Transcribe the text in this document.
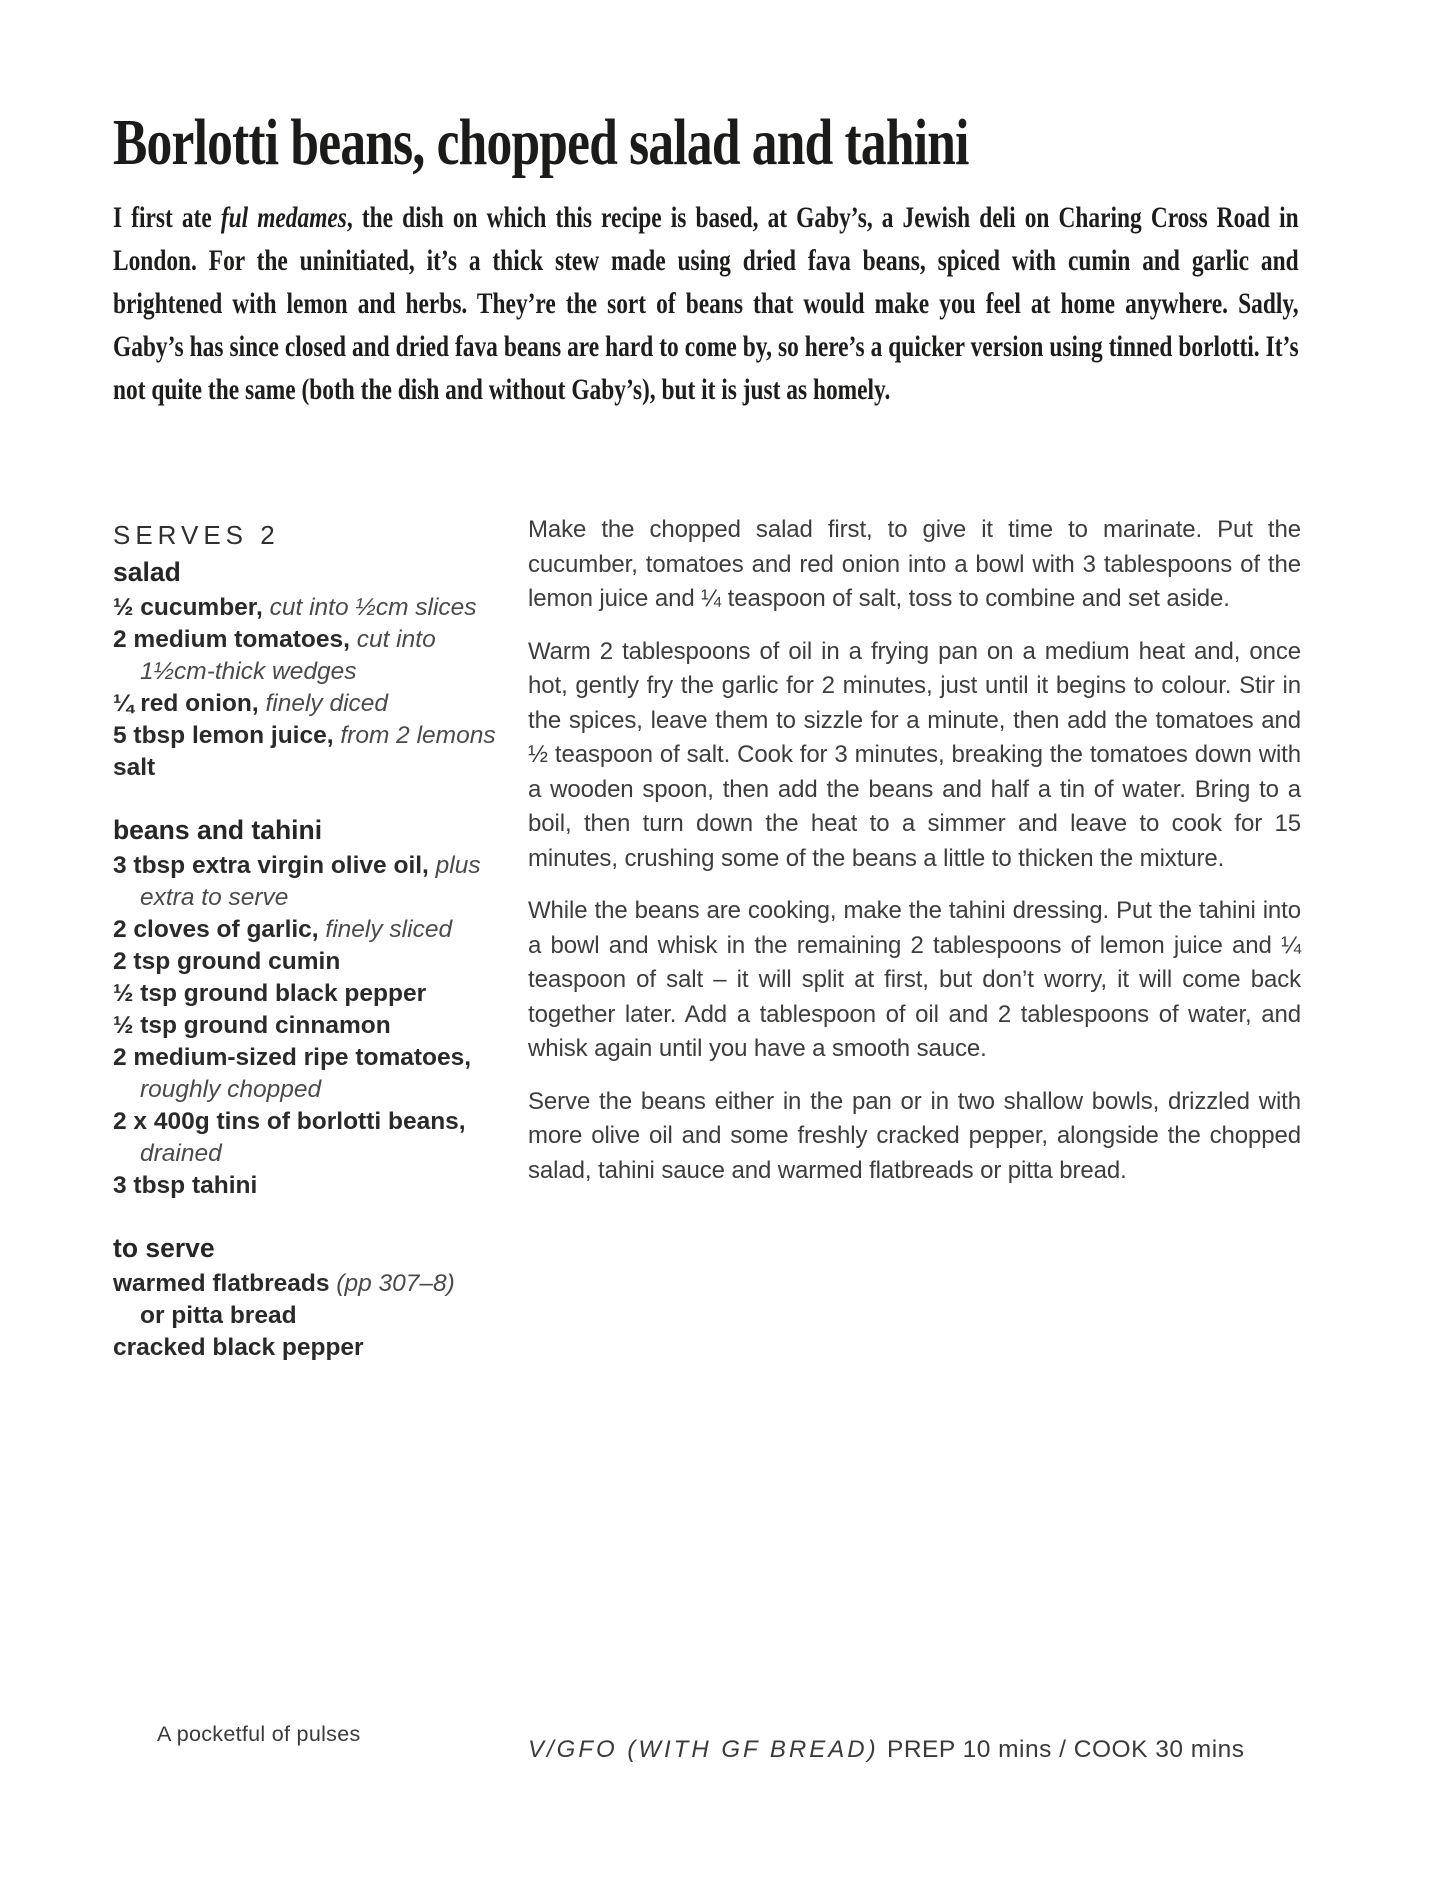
Borlotti beans, chopped salad and tahini

I first ate ful medames, the dish on which this recipe is based, at Gaby’s, a Jewish deli on Charing Cross Road in London. For the uninitiated, it’s a thick stew made using dried fava beans, spiced with cumin and garlic and brightened with lemon and herbs. They’re the sort of beans that would make you feel at home anywhere. Sadly, Gaby’s has since closed and dried fava beans are hard to come by, so here’s a quicker version using tinned borlotti. It’s not quite the same (both the dish and without Gaby’s), but it is just as homely.

SERVES 2
salad
½ cucumber, cut into ½cm slices
2 medium tomatoes, cut into
1½cm-thick wedges
¼ red onion, finely diced
5 tbsp lemon juice, from 2 lemons
salt
beans and tahini
3 tbsp extra virgin olive oil, plus
extra to serve
2 cloves of garlic, finely sliced
2 tsp ground cumin
½ tsp ground black pepper
½ tsp ground cinnamon
2 medium-sized ripe tomatoes,
roughly chopped
2 x 400g tins of borlotti beans,
drained
3 tbsp tahini
to serve
warmed flatbreads (pp 307–8)
or pitta bread
cracked black pepper

Make the chopped salad first, to give it time to marinate. Put the cucumber, tomatoes and red onion into a bowl with 3 tablespoons of the lemon juice and ¼ teaspoon of salt, toss to combine and set aside.

Warm 2 tablespoons of oil in a frying pan on a medium heat and, once hot, gently fry the garlic for 2 minutes, just until it begins to colour. Stir in the spices, leave them to sizzle for a minute, then add the tomatoes and ½ teaspoon of salt. Cook for 3 minutes, breaking the tomatoes down with a wooden spoon, then add the beans and half a tin of water. Bring to a boil, then turn down the heat to a simmer and leave to cook for 15 minutes, crushing some of the beans a little to thicken the mixture.

While the beans are cooking, make the tahini dressing. Put the tahini into a bowl and whisk in the remaining 2 tablespoons of lemon juice and ¼ teaspoon of salt – it will split at first, but don’t worry, it will come back together later. Add a tablespoon of oil and 2 tablespoons of water, and whisk again until you have a smooth sauce.

Serve the beans either in the pan or in two shallow bowls, drizzled with more olive oil and some freshly cracked pepper, alongside the chopped salad, tahini sauce and warmed flatbreads or pitta bread.

A pocketful of pulses
V/GFO (WITH GF BREAD) PREP 10 mins / COOK 30 mins
